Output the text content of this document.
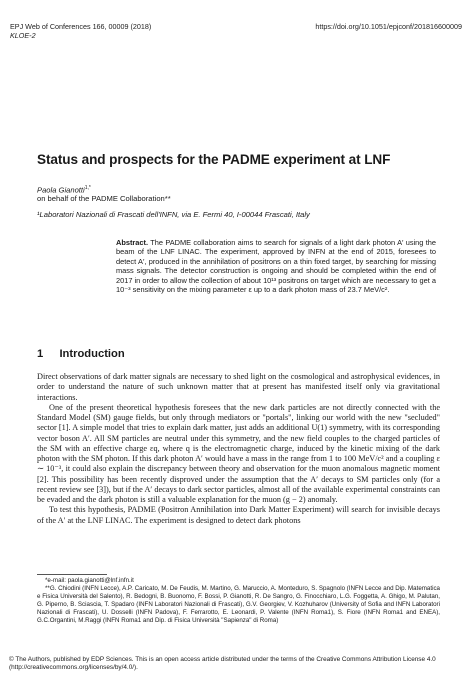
EPJ Web of Conferences 166, 00009 (2018)	https://doi.org/10.1051/epjconf/201816600009
KLOE-2
Status and prospects for the PADME experiment at LNF
Paola Gianotti$^{1,*}$
on behalf of the PADME Collaboration**
¹Laboratori Nazionali di Frascati dell'INFN, via E. Fermi 40, I-00044 Frascati, Italy
Abstract. The PADME collaboration aims to search for signals of a light dark photon A′ using the beam of the LNF LINAC. The experiment, approved by INFN at the end of 2015, foresees to detect A′, produced in the annihilation of positrons on a thin fixed target, by searching for missing mass signals. The detector construction is ongoing and should be completed within the end of 2017 in order to allow the collection of about 10¹³ positrons on target which are necessary to get a 10⁻³ sensitivity on the mixing parameter ε up to a dark photon mass of 23.7 MeV/c².
1 Introduction

Direct observations of dark matter signals are necessary to shed light on the cosmological and astrophysical evidences, in order to understand the nature of such unknown matter that at present has manifested itself only via gravitational interactions.

One of the present theoretical hypothesis foresees that the new dark particles are not directly connected with the Standard Model (SM) gauge fields, but only through mediators or "portals", linking our world with the new "secluded" sector [1]. A simple model that tries to explain dark matter, just adds an additional U(1) symmetry, with its corresponding vector boson A′. All SM particles are neutral under this symmetry, and the new field couples to the charged particles of the SM with an effective charge εq, where q is the electromagnetic charge, induced by the kinetic mixing of the dark photon with the SM photon. If this dark photon A′ would have a mass in the range from 1 to 100 MeV/c² and a coupling ε ∼ 10⁻³, it could also explain the discrepancy between theory and observation for the muon anomalous magnetic moment [2]. This possibility has been recently disproved under the assumption that the A′ decays to SM particles only (for a recent review see [3]), but if the A′ decays to dark sector particles, almost all of the available experimental constraints can be evaded and the dark photon is still a valuable explanation for the muon (g − 2) anomaly.

To test this hypothesis, PADME (Positron Annihilation into Dark Matter Experiment) will search for invisible decays of the A′ at the LNF LINAC. The experiment is designed to detect dark photons

*e-mail: paola.gianotti@lnf.infn.it

**G. Chiodini (INFN Lecce), A.P. Caricato, M. De Feudis, M. Martino, G. Maruccio, A. Monteduro, S. Spagnolo (INFN Lecce and Dip. Matematica e Fisica Università del Salento), R. Bedogni, B. Buonomo, F. Bossi, P. Gianotti, R. De Sangro, G. Finocchiaro, L.G. Foggetta, A. Ghigo, M. Palutan, G. Piperno, B. Sciascia, T. Spadaro (INFN Laboratori Nazionali di Frascati), G.V. Georgiev, V. Kozhuharov (University of Sofia and INFN Laboratori Nazionali di Frascati), U. Dosselli (INFN Padova), F. Ferrarotto, E. Leonardi, P. Valente (INFN Roma1), S. Fiore (INFN Roma1 and ENEA), G.C.Organtini, M.Raggi (INFN Roma1 and Dip. di Fisica Università "Sapienza" di Roma)

© The Authors, published by EDP Sciences. This is an open access article distributed under the terms of the Creative Commons Attribution License 4.0 (http://creativecommons.org/licenses/by/4.0/).
